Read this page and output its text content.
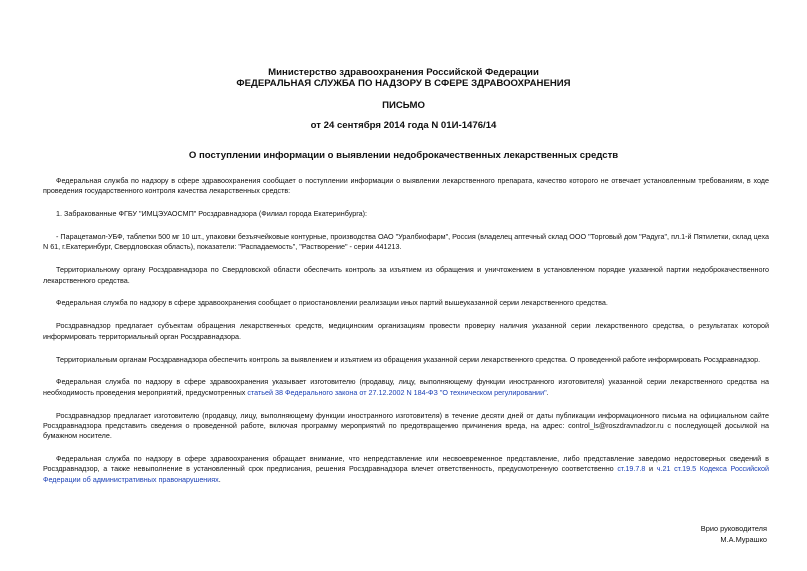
Министерство здравоохранения Российской Федерации
ФЕДЕРАЛЬНАЯ СЛУЖБА ПО НАДЗОРУ В СФЕРЕ ЗДРАВООХРАНЕНИЯ
ПИСЬМО
от 24 сентября 2014 года N 01И-1476/14
О поступлении информации о выявлении недоброкачественных лекарственных средств

Федеральная служба по надзору в сфере здравоохранения сообщает о поступлении информации о выявлении лекарственного препарата, качество которого не отвечает установленным требованиям, в ходе проведения государственного контроля качества лекарственных средств:

1. Забракованные ФГБУ "ИМЦЭУАОСМП" Росздравнадзора (Филиал города Екатеринбурга):

- Парацетамол-УБФ, таблетки 500 мг 10 шт., упаковки безъячейковые контурные, производства ОАО "Уралбиофарм", Россия (владелец аптечный склад ООО "Торговый дом "Радуга", пл.1-й Пятилетки, склад цеха N 61, г.Екатеринбург, Свердловская область), показатели: "Распадаемость", "Растворение" - серии 441213.

Территориальному органу Росздравнадзора по Свердловской области обеспечить контроль за изъятием из обращения и уничтожением в установленном порядке указанной партии недоброкачественного лекарственного средства.

Федеральная служба по надзору в сфере здравоохранения сообщает о приостановлении реализации иных партий вышеуказанной серии лекарственного средства.

Росздравнадзор предлагает субъектам обращения лекарственных средств, медицинским организациям провести проверку наличия указанной серии лекарственного средства, о результатах которой информировать территориальный орган Росздравнадзора.

Территориальным органам Росздравнадзора обеспечить контроль за выявлением и изъятием из обращения указанной серии лекарственного средства. О проведенной работе информировать Росздравнадзор.

Федеральная служба по надзору в сфере здравоохранения указывает изготовителю (продавцу, лицу, выполняющему функции иностранного изготовителя) указанной серии лекарственного средства на необходимость проведения мероприятий, предусмотренных статьей 38 Федерального закона от 27.12.2002 N 184-ФЗ "О техническом регулировании".

Росздравнадзор предлагает изготовителю (продавцу, лицу, выполняющему функции иностранного изготовителя) в течение десяти дней от даты публикации информационного письма на официальном сайте Росздравнадзора представить сведения о проведенной работе, включая программу мероприятий по предотвращению причинения вреда, на адрес: control_ls@roszdravnadzor.ru с последующей досылкой на бумажном носителе.

Федеральная служба по надзору в сфере здравоохранения обращает внимание, что непредставление или несвоевременное представление, либо представление заведомо недостоверных сведений в Росздравнадзор, а также невыполнение в установленный срок предписания, решения Росздравнадзора влечет ответственность, предусмотренную соответственно ст.19.7.8 и ч.21 ст.19.5 Кодекса Российской Федерации об административных правонарушениях.

Врио руководителя
М.А.Мурашко
